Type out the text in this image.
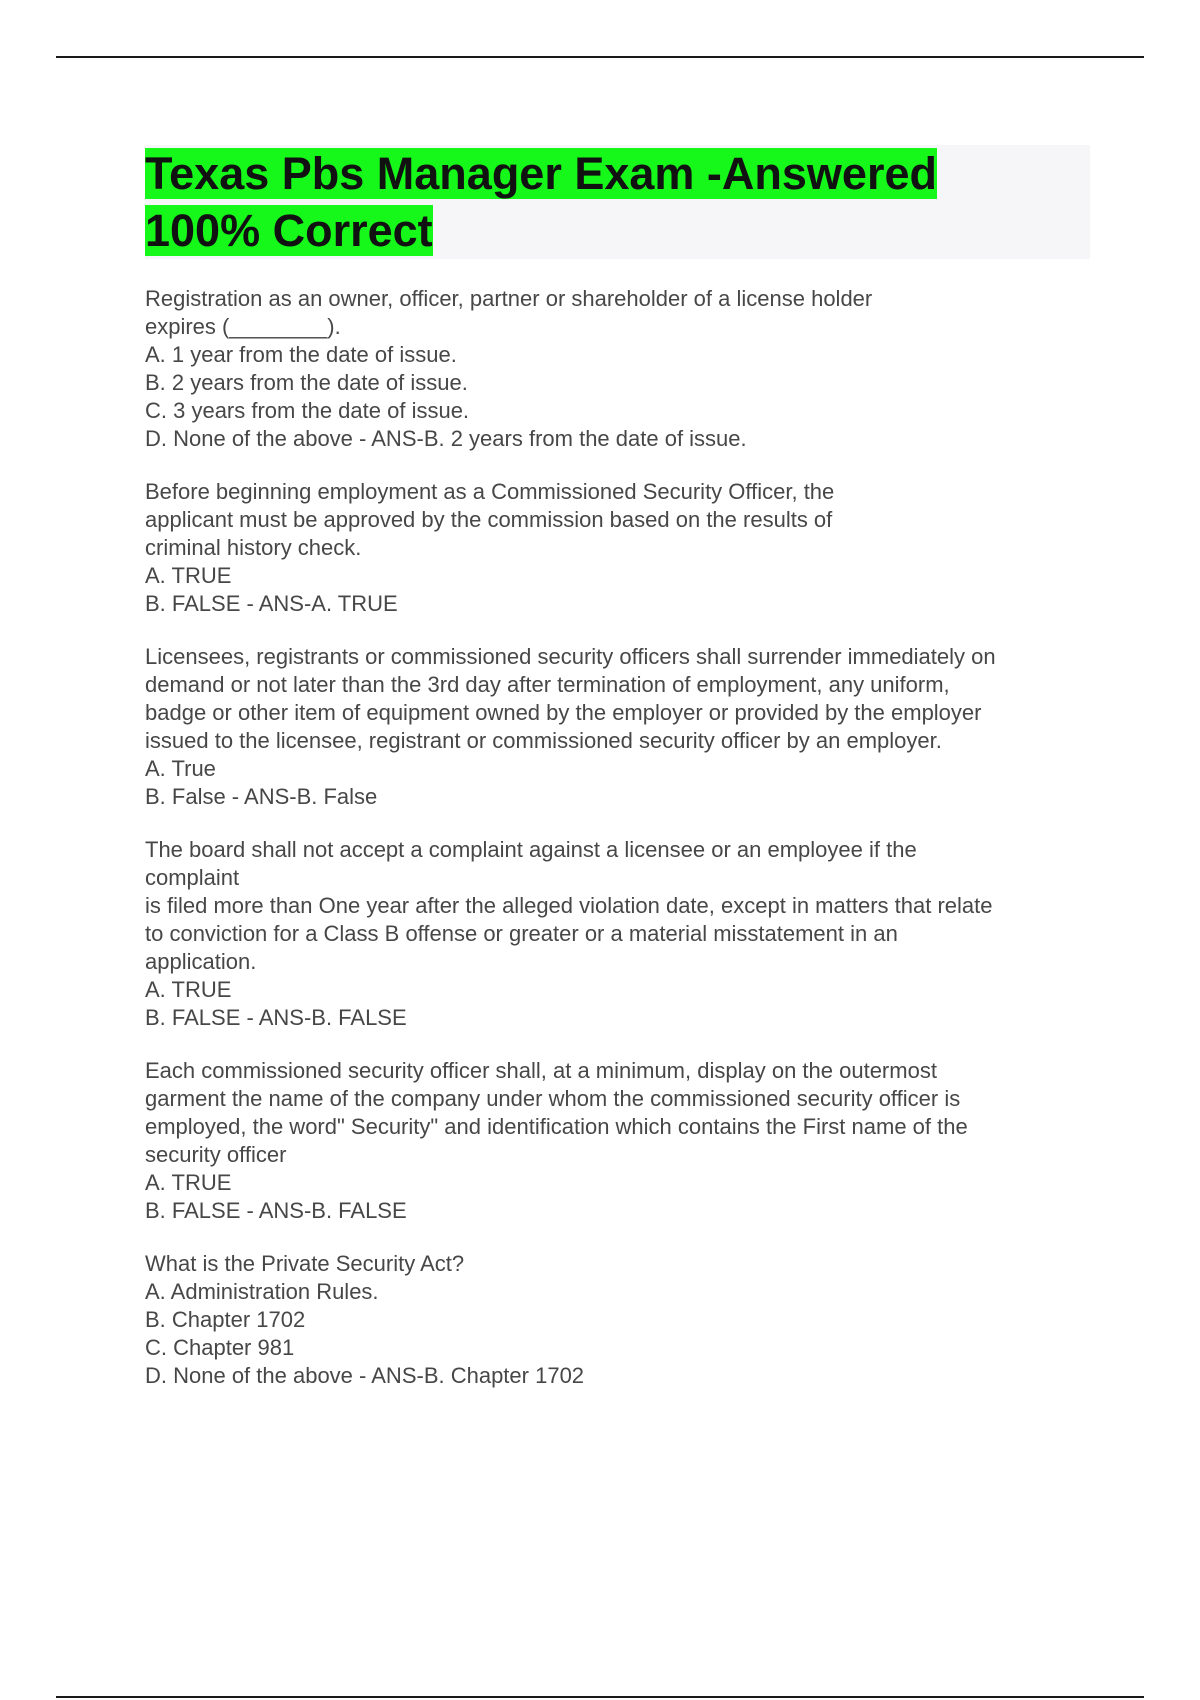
Texas Pbs Manager Exam -Answered
100% Correct
Registration as an owner, officer, partner or shareholder of a license holder
expires (________).
A. 1 year from the date of issue.
B. 2 years from the date of issue.
C. 3 years from the date of issue.
D. None of the above - ANS-B. 2 years from the date of issue.
Before beginning employment as a Commissioned Security Officer, the
applicant must be approved by the commission based on the results of
criminal history check.
A. TRUE
B. FALSE - ANS-A. TRUE
Licensees, registrants or commissioned security officers shall surrender immediately on
demand or not later than the 3rd day after termination of employment, any uniform,
badge or other item of equipment owned by the employer or provided by the employer
issued to the licensee, registrant or commissioned security officer by an employer.
A. True
B. False - ANS-B. False
The board shall not accept a complaint against a licensee or an employee if the
complaint
is filed more than One year after the alleged violation date, except in matters that relate
to conviction for a Class B offense or greater or a material misstatement in an
application.
A. TRUE
B. FALSE - ANS-B. FALSE
Each commissioned security officer shall, at a minimum, display on the outermost
garment the name of the company under whom the commissioned security officer is
employed, the word" Security" and identification which contains the First name of the
security officer
A. TRUE
B. FALSE - ANS-B. FALSE
What is the Private Security Act?
A. Administration Rules.
B. Chapter 1702
C. Chapter 981
D. None of the above - ANS-B. Chapter 1702
